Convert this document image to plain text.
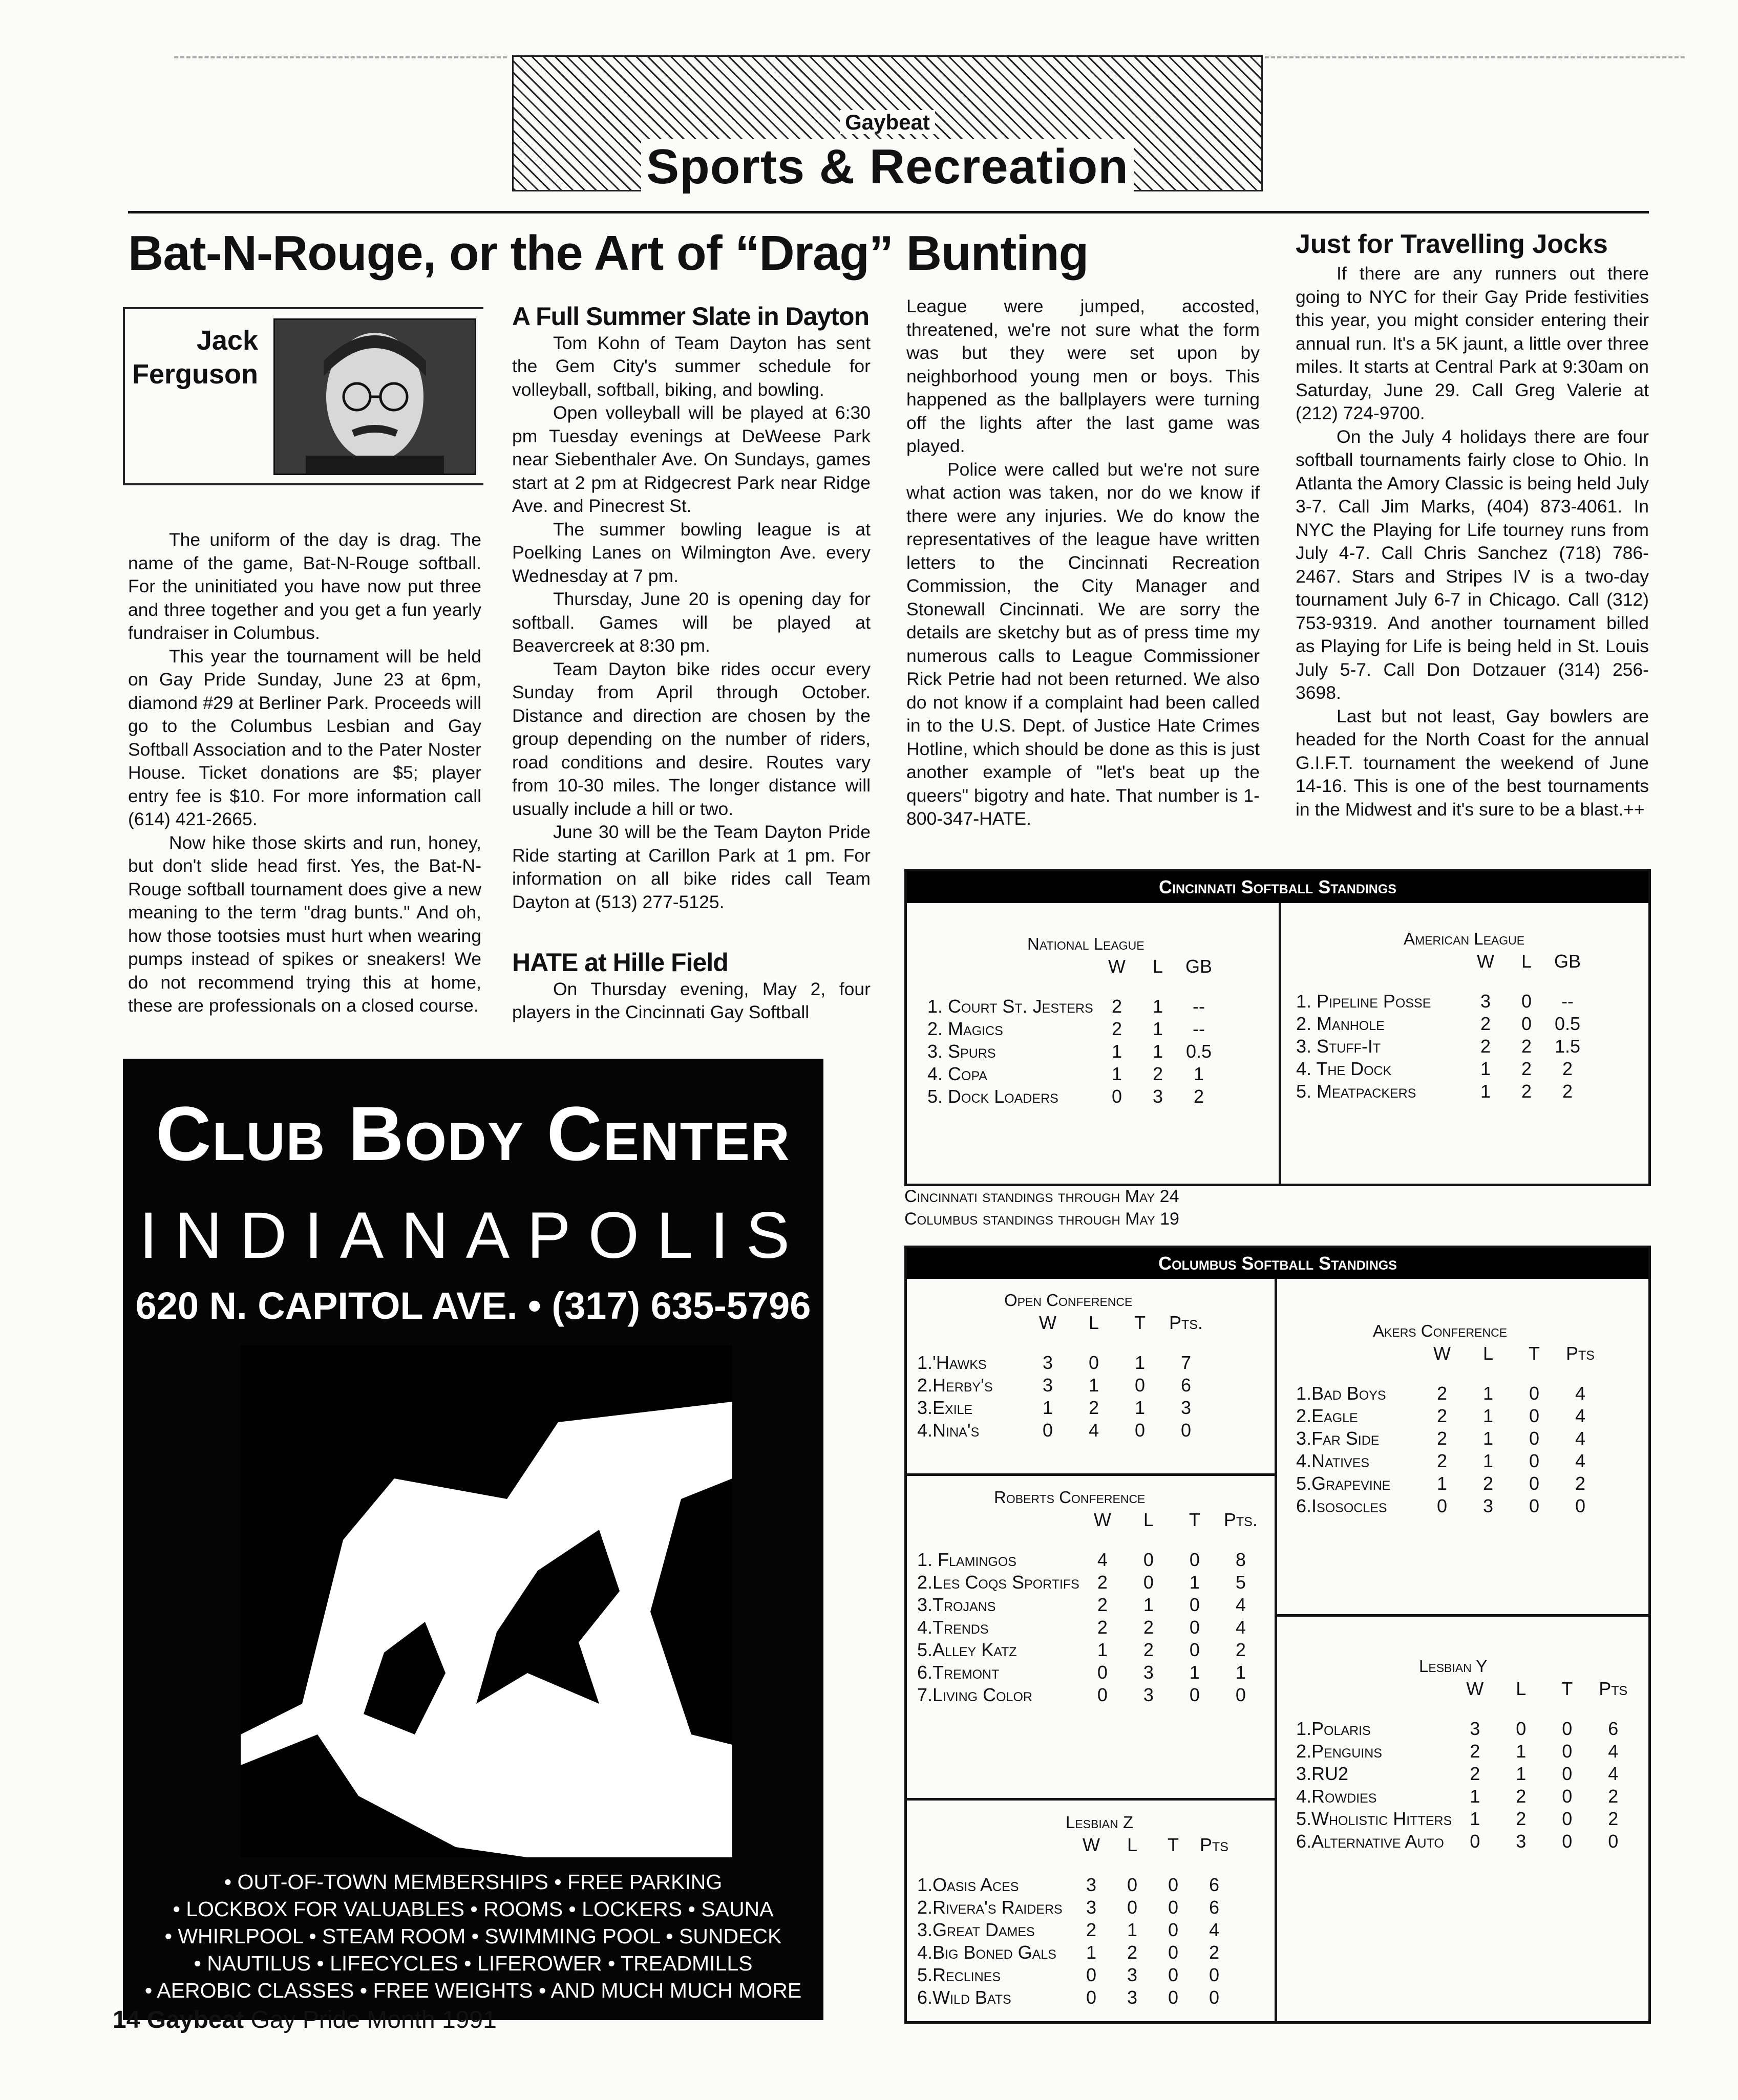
Gaybeat
Sports & Recreation
Bat-N-Rouge, or the Art of “Drag” Bunting	Just for Travelling Jocks
Jack
Ferguson

The uniform of the day is drag. The name of the game, Bat-N-Rouge softball. For the uninitiated you have now put three and three together and you get a fun yearly fundraiser in Columbus.

This year the tournament will be held on Gay Pride Sunday, June 23 at 6pm, diamond #29 at Berliner Park. Proceeds will go to the Columbus Lesbian and Gay Softball Association and to the Pater Noster House. Ticket donations are $5; player entry fee is $10. For more information call (614) 421-2665.

Now hike those skirts and run, honey, but don't slide head first. Yes, the Bat-N-Rouge softball tournament does give a new meaning to the term "drag bunts." And oh, how those tootsies must hurt when wearing pumps instead of spikes or sneakers! We do not recommend trying this at home, these are professionals on a closed course.

A Full Summer Slate in Dayton

Tom Kohn of Team Dayton has sent the Gem City's summer schedule for volleyball, softball, biking, and bowling.

Open volleyball will be played at 6:30 pm Tuesday evenings at DeWeese Park near Siebenthaler Ave. On Sundays, games start at 2 pm at Ridgecrest Park near Ridge Ave. and Pinecrest St.

The summer bowling league is at Poelking Lanes on Wilmington Ave. every Wednesday at 7 pm.

Thursday, June 20 is opening day for softball. Games will be played at Beavercreek at 8:30 pm.

Team Dayton bike rides occur every Sunday from April through October. Distance and direction are chosen by the group depending on the number of riders, road conditions and desire. Routes vary from 10-30 miles. The longer distance will usually include a hill or two.

June 30 will be the Team Dayton Pride Ride starting at Carillon Park at 1 pm. For information on all bike rides call Team Dayton at (513) 277-5125.

HATE at Hille Field

On Thursday evening, May 2, four players in the Cincinnati Gay Softball

League were jumped, accosted, threatened, we're not sure what the form was but they were set upon by neighborhood young men or boys. This happened as the ballplayers were turning off the lights after the last game was played.

Police were called but we're not sure what action was taken, nor do we know if there were any injuries. We do know the representatives of the league have written letters to the Cincinnati Recreation Commission, the City Manager and Stonewall Cincinnati. We are sorry the details are sketchy but as of press time my numerous calls to League Commissioner Rick Petrie had not been returned. We also do not know if a complaint had been called in to the U.S. Dept. of Justice Hate Crimes Hotline, which should be done as this is just another example of "let's beat up the queers" bigotry and hate. That number is 1-800-347-HATE.

If there are any runners out there going to NYC for their Gay Pride festivities this year, you might consider entering their annual run. It's a 5K jaunt, a little over three miles. It starts at Central Park at 9:30am on Saturday, June 29. Call Greg Valerie at (212) 724-9700.

On the July 4 holidays there are four softball tournaments fairly close to Ohio. In Atlanta the Amory Classic is being held July 3-7. Call Jim Marks, (404) 873-4061. In NYC the Playing for Life tourney runs from July 4-7. Call Chris Sanchez (718) 786-2467. Stars and Stripes IV is a two-day tournament July 6-7 in Chicago. Call (312) 753-9319. And another tournament billed as Playing for Life is being held in St. Louis July 5-7. Call Don Dotzauer (314) 256-3698.

Last but not least, Gay bowlers are headed for the North Coast for the annual G.I.F.T. tournament the weekend of June 14-16. This is one of the best tournaments in the Midwest and it's sure to be a blast.++

Club Body Center
INDIANAPOLIS
620 N. CAPITOL AVE. • (317) 635-5796
• OUT-OF-TOWN MEMBERSHIPS • FREE PARKING
• LOCKBOX FOR VALUABLES • ROOMS • LOCKERS • SAUNA
• WHIRLPOOL • STEAM ROOM • SWIMMING POOL • SUNDECK
• NAUTILUS • LIFECYCLES • LIFEROWER • TREADMILLS
• AEROBIC CLASSES • FREE WEIGHTS • AND MUCH MUCH MORE
14 Gaybeat Gay Pride Month 1991
Cincinnati Softball Standings
National League
	W	L	GB

1. Court St. Jesters	2	1	--
2. Magics	2	1	--
3. Spurs	1	1	0.5
4. Copa	1	2	1
5. Dock Loaders	0	3	2
American League
	W	L	GB

1. Pipeline Posse	3	0	--
2. Manhole	2	0	0.5
3. Stuff-It	2	2	1.5
4. The Dock	1	2	2
5. Meatpackers	1	2	2
Cincinnati standings through May 24
Columbus standings through May 19
Columbus Softball Standings
Open Conference
	W	L	T	Pts.

1.'Hawks	3	0	1	7
2.Herby's	3	1	0	6
3.Exile	1	2	1	3
4.Nina's	0	4	0	0
Roberts Conference
	W	L	T	Pts.

1. Flamingos	4	0	0	8
2.Les Coqs Sportifs	2	0	1	5
3.Trojans	2	1	0	4
4.Trends	2	2	0	4
5.Alley Katz	1	2	0	2
6.Tremont	0	3	1	1
7.Living Color	0	3	0	0
Lesbian Z
	W	L	T	Pts

1.Oasis Aces	3	0	0	6
2.Rivera's Raiders	3	0	0	6
3.Great Dames	2	1	0	4
4.Big Boned Gals	1	2	0	2
5.Reclines	0	3	0	0
6.Wild Bats	0	3	0	0
Akers Conference
	W	L	T	Pts

1.Bad Boys	2	1	0	4
2.Eagle	2	1	0	4
3.Far Side	2	1	0	4
4.Natives	2	1	0	4
5.Grapevine	1	2	0	2
6.Isosocles	0	3	0	0
Lesbian Y
	W	L	T	Pts

1.Polaris	3	0	0	6
2.Penguins	2	1	0	4
3.RU2	2	1	0	4
4.Rowdies	1	2	0	2
5.Wholistic Hitters	1	2	0	2
6.Alternative Auto	0	3	0	0
